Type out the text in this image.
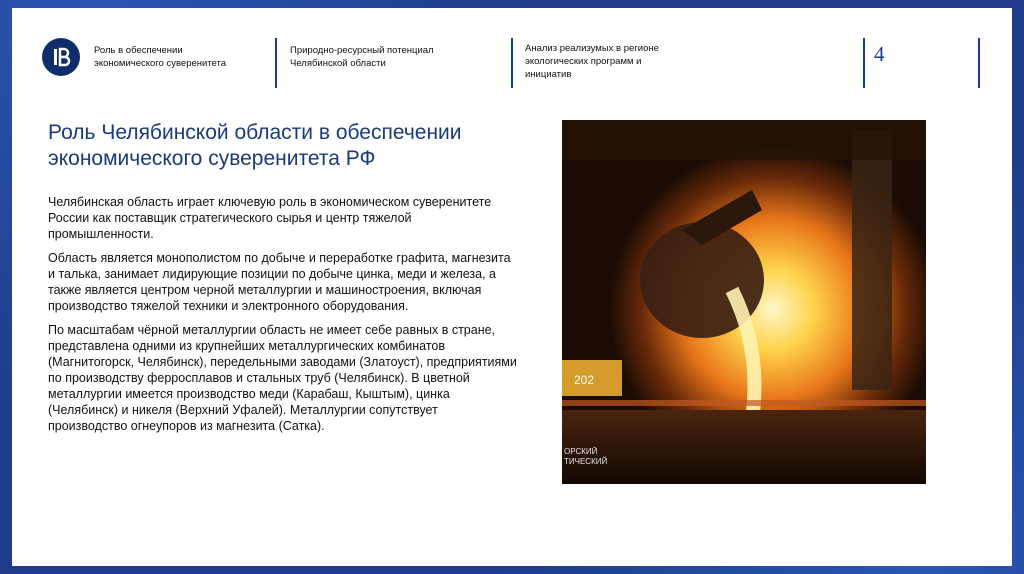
Роль в обеспечении
экономического суверенитета
Природно-ресурсный потенциал
Челябинской области
Анализ реализумых в регионе
экологических программ и
инициатив
4
Роль Челябинской области в обеспечении экономического суверенитета РФ

Челябинская область играет ключевую роль в экономическом суверенитете России как поставщик стратегического сырья и центр тяжелой промышленности.

Область является монополистом по добыче и переработке графита, магнезита и талька, занимает лидирующие позиции по добыче цинка, меди и железа, а также является центром черной металлургии и машиностроения, включая производство тяжелой техники и электронного оборудования.

По масштабам чёрной металлургии область не имеет себе равных в стране, представлена одними из крупнейших металлургических комбинатов (Магнитогорск, Челябинск), передельными заводами (Златоуст), предприятиями по производству ферросплавов и стальных труб (Челябинск). В цветной металлургии имеется производство меди (Карабаш, Кыштым), цинка (Челябинск) и никеля (Верхний Уфалей). Металлургии сопутствует производство огнеупоров из магнезита (Сатка).

202
ОРСКИЙ ТИЧЕСКИЙ
